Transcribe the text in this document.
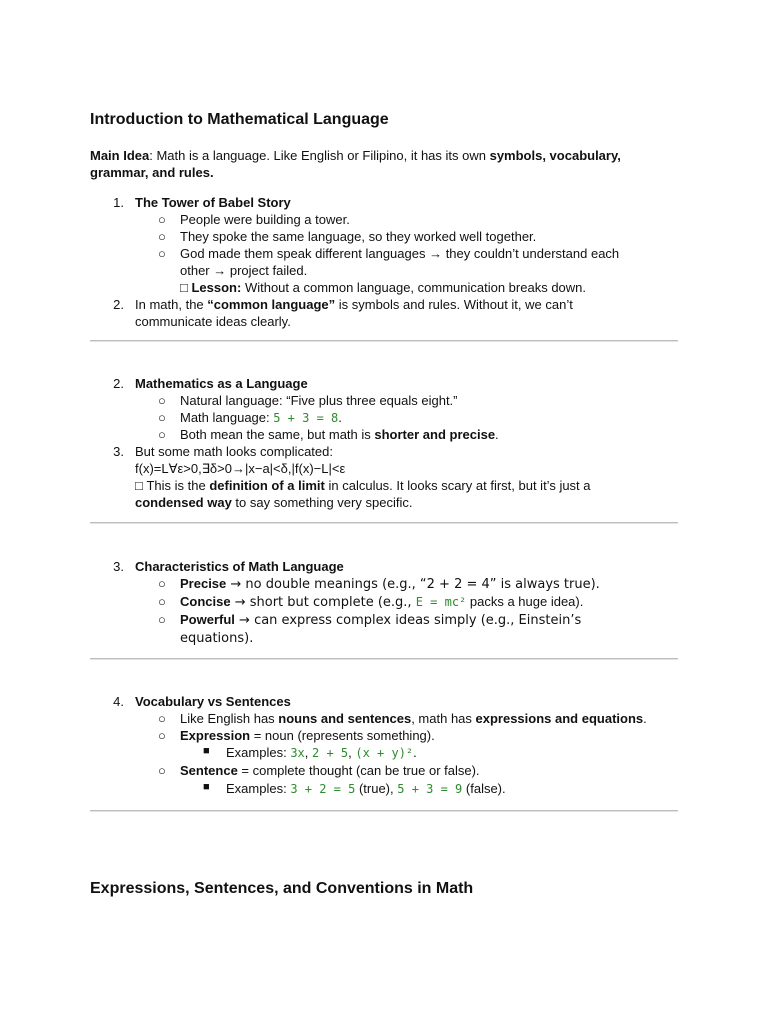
Introduction to Mathematical Language

Main Idea: Math is a language. Like English or Filipino, it has its own symbols, vocabulary, grammar, and rules.

1. The Tower of Babel Story
○ People were building a tower.
○ They spoke the same language, so they worked well together.
○ God made them speak different languages → they couldn’t understand each
other → project failed.
□ Lesson: Without a common language, communication breaks down.
2. In math, the “common language” is symbols and rules. Without it, we can’t
communicate ideas clearly.
2. Mathematics as a Language
○ Natural language: “Five plus three equals eight.”
○ Math language: 5 + 3 = 8.
○ Both mean the same, but math is shorter and precise.
3. But some math looks complicated:
f(x)=L∀ε>0,∃δ>0→|x−a|<δ,|f(x)−L|<ε
□ This is the definition of a limit in calculus. It looks scary at first, but it’s just a
condensed way to say something very specific.
3. Characteristics of Math Language
○ Precise → no double meanings (e.g., “2 + 2 = 4” is always true).
○ Concise → short but complete (e.g., E = mc² packs a huge idea).
○ Powerful → can express complex ideas simply (e.g., Einstein’s
equations).
4. Vocabulary vs Sentences
○ Like English has nouns and sentences, math has expressions and equations.
○ Expression = noun (represents something).
■ Examples: 3x, 2 + 5, (x + y)².
○ Sentence = complete thought (can be true or false).
■ Examples: 3 + 2 = 5 (true), 5 + 3 = 9 (false).
Expressions, Sentences, and Conventions in Math
